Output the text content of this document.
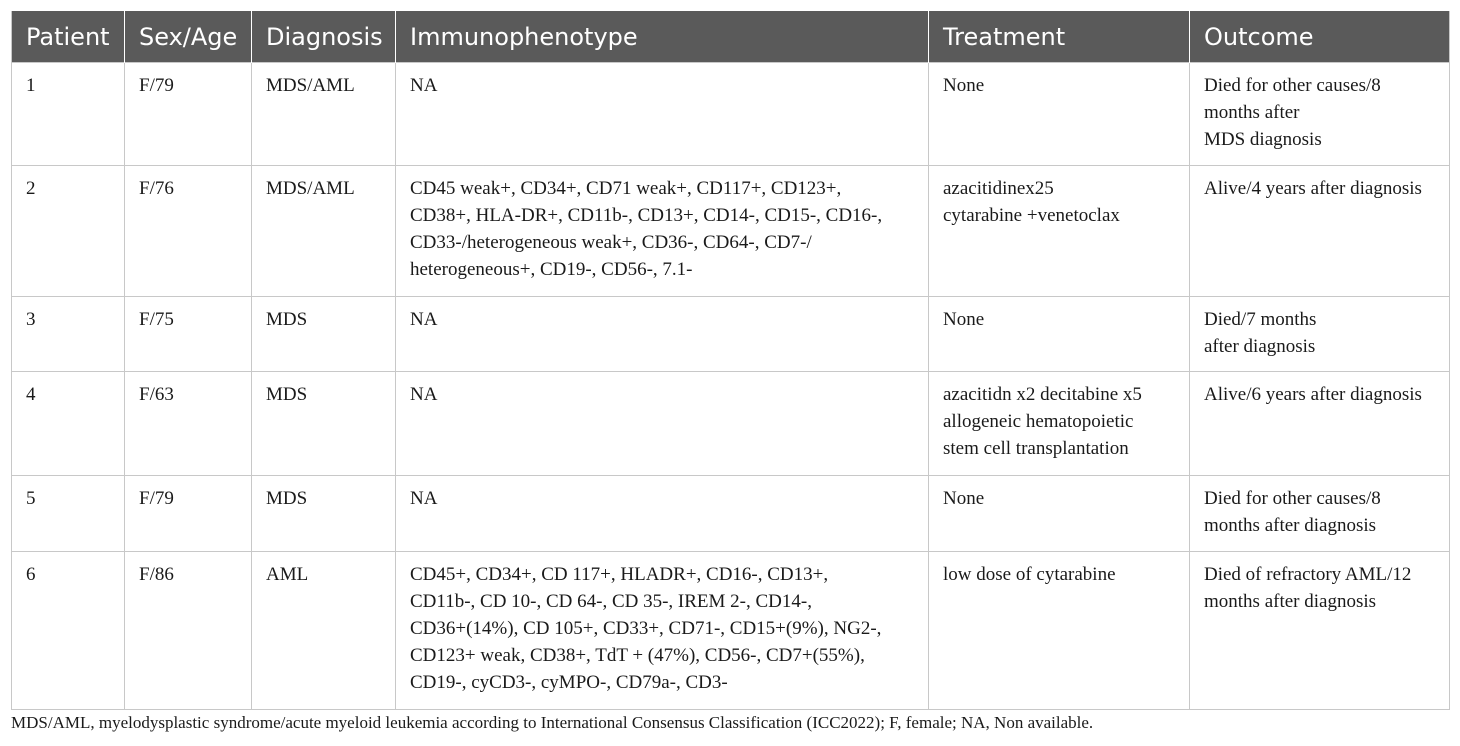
Patient	Sex/Age	Diagnosis	Immunophenotype	Treatment	Outcome
1	F/79	MDS/AML	NA	None	Died for other causes/8
months after
MDS diagnosis

2	F/76	MDS/AML	CD45 weak+, CD34+, CD71 weak+, CD117+, CD123+,
CD38+, HLA-DR+, CD11b-, CD13+, CD14-, CD15-, CD16-,
CD33-/heterogeneous weak+, CD36-, CD64-, CD7-/
heterogeneous+, CD19-, CD56-, 7.1-	azacitidinex25
cytarabine +venetoclax	Alive/4 years after diagnosis

3	F/75	MDS	NA	None	Died/7 months
after diagnosis

4	F/63	MDS	NA	azacitidn x2 decitabine x5
allogeneic hematopoietic
stem cell transplantation	Alive/6 years after diagnosis

5	F/79	MDS	NA	None	Died for other causes/8
months after diagnosis

6	F/86	AML	CD45+, CD34+, CD 117+, HLADR+, CD16-, CD13+,
CD11b-, CD 10-, CD 64-, CD 35-, IREM 2-, CD14-,
CD36+(14%), CD 105+, CD33+, CD71-, CD15+(9%), NG2-,
CD123+ weak, CD38+, TdT + (47%), CD56-, CD7+(55%),
CD19-, cyCD3-, cyMPO-, CD79a-, CD3-	low dose of cytarabine	Died of refractory AML/12
months after diagnosis
MDS/AML, myelodysplastic syndrome/acute myeloid leukemia according to International Consensus Classification (ICC2022); F, female; NA, Non available.
